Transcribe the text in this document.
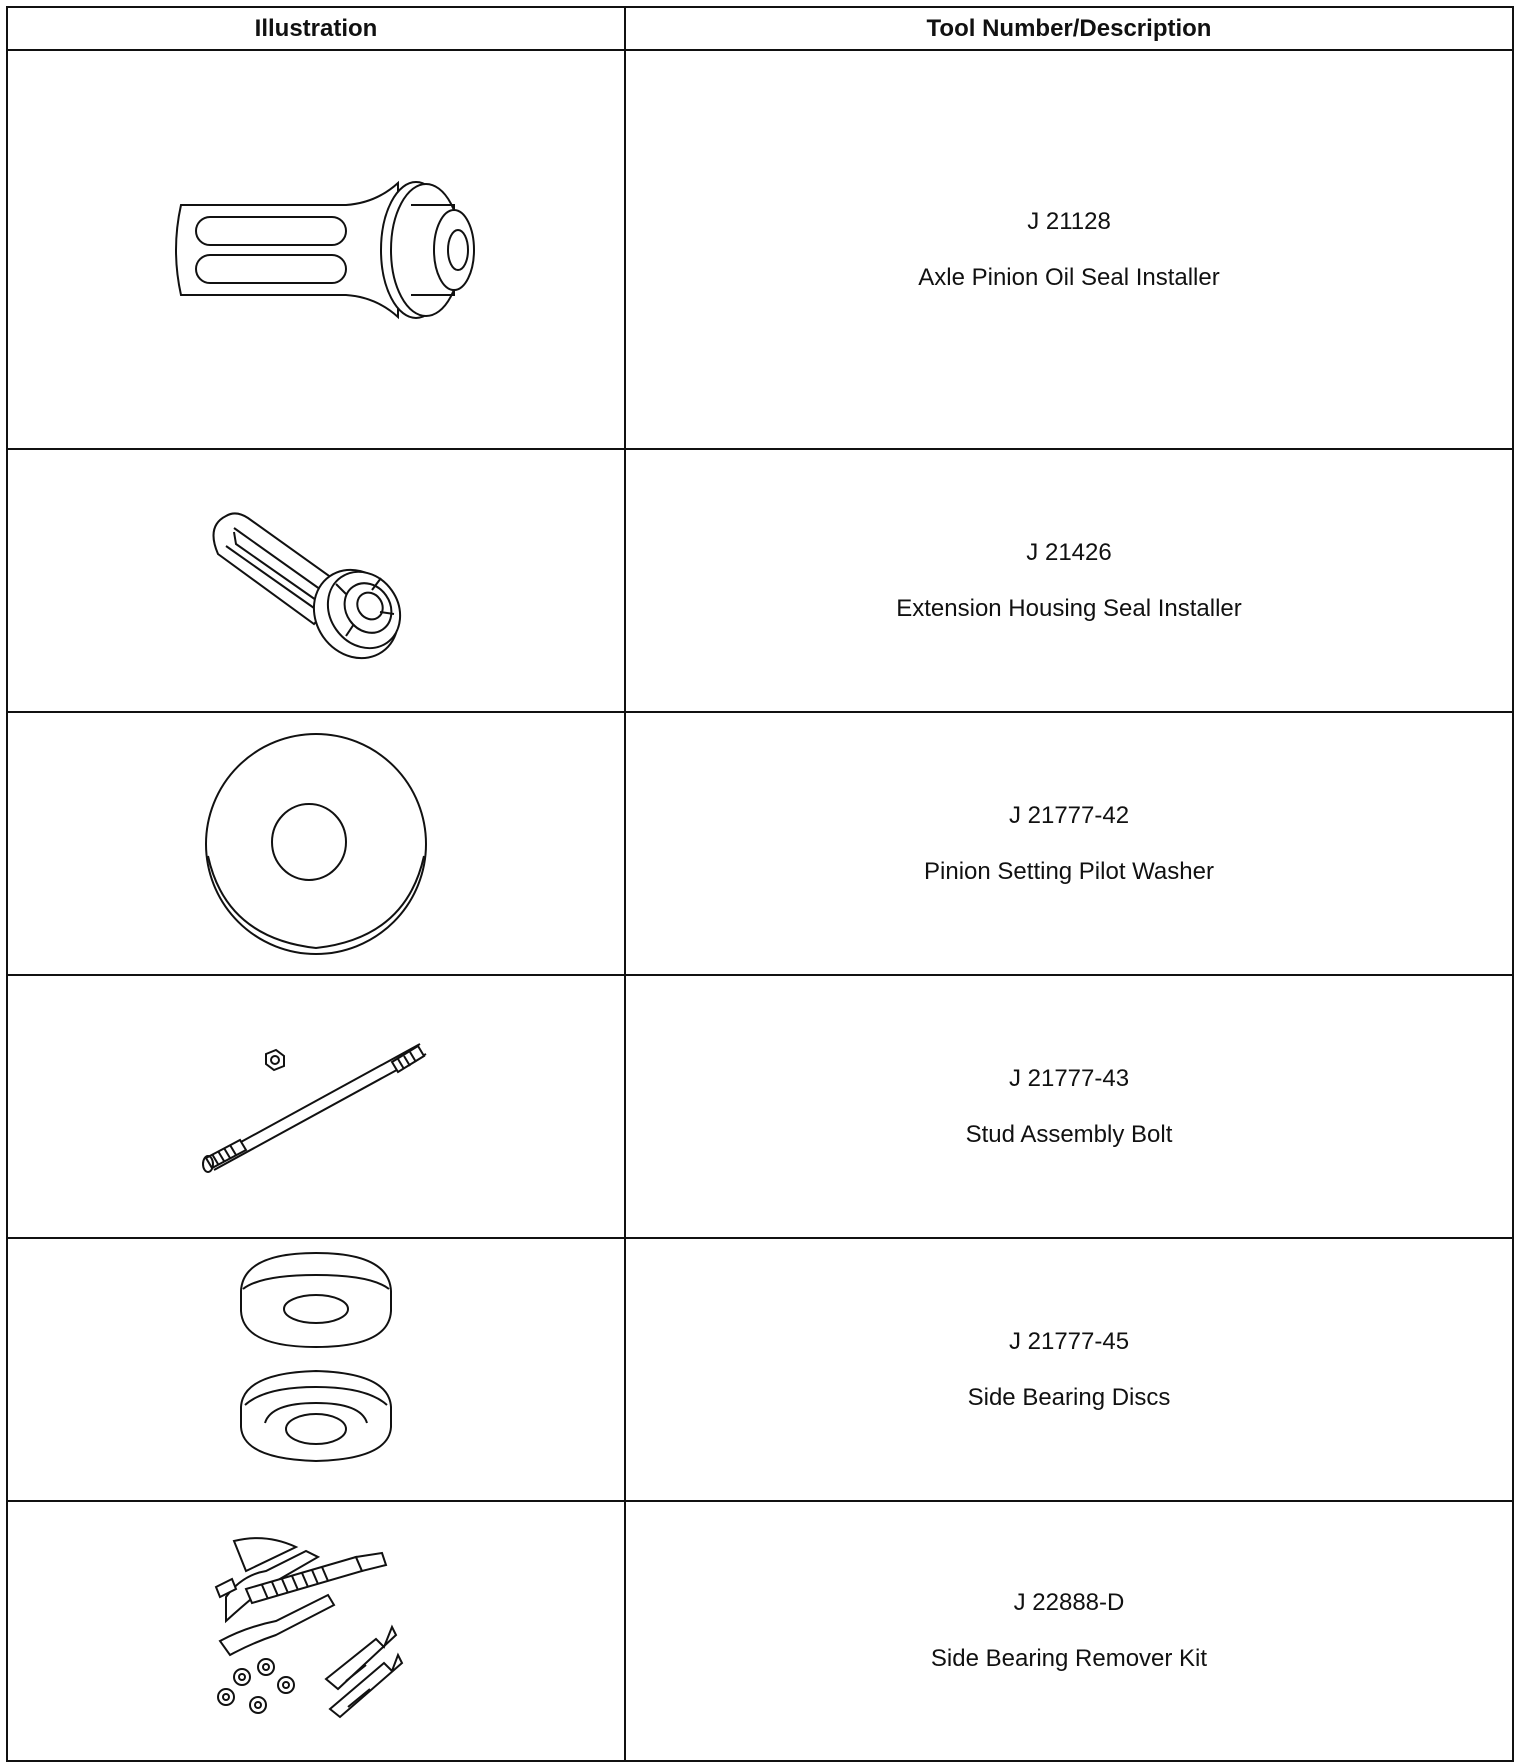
Illustration	Tool Number/Description

J 21128
Axle Pinion Oil Seal Installer

J 21426
Extension Housing Seal Installer

J 21777-42
Pinion Setting Pilot Washer

J 21777-43
Stud Assembly Bolt

J 21777-45
Side Bearing Discs

J 22888-D
Side Bearing Remover Kit
